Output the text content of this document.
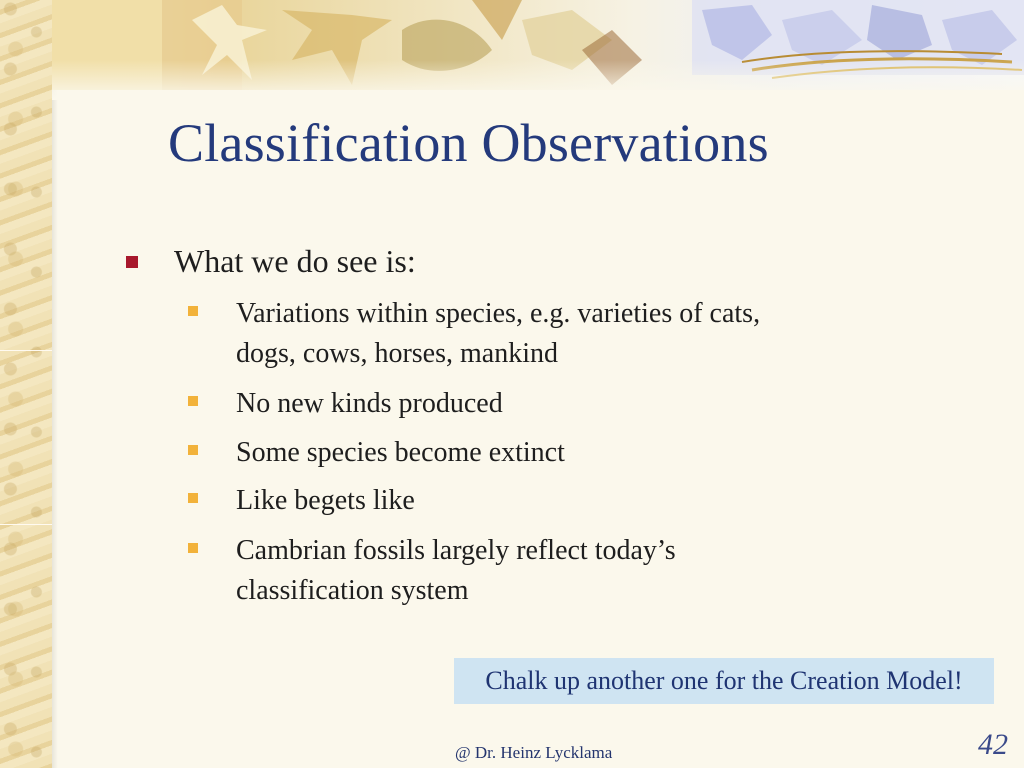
Classification Observations
What we do see is:
Variations within species, e.g. varieties of cats,
dogs, cows, horses, mankind
No new kinds produced
Some species become extinct
Like begets like
Cambrian fossils largely reflect today’s
classification system
Chalk up another one for the Creation Model!
@ Dr. Heinz Lycklama	42
